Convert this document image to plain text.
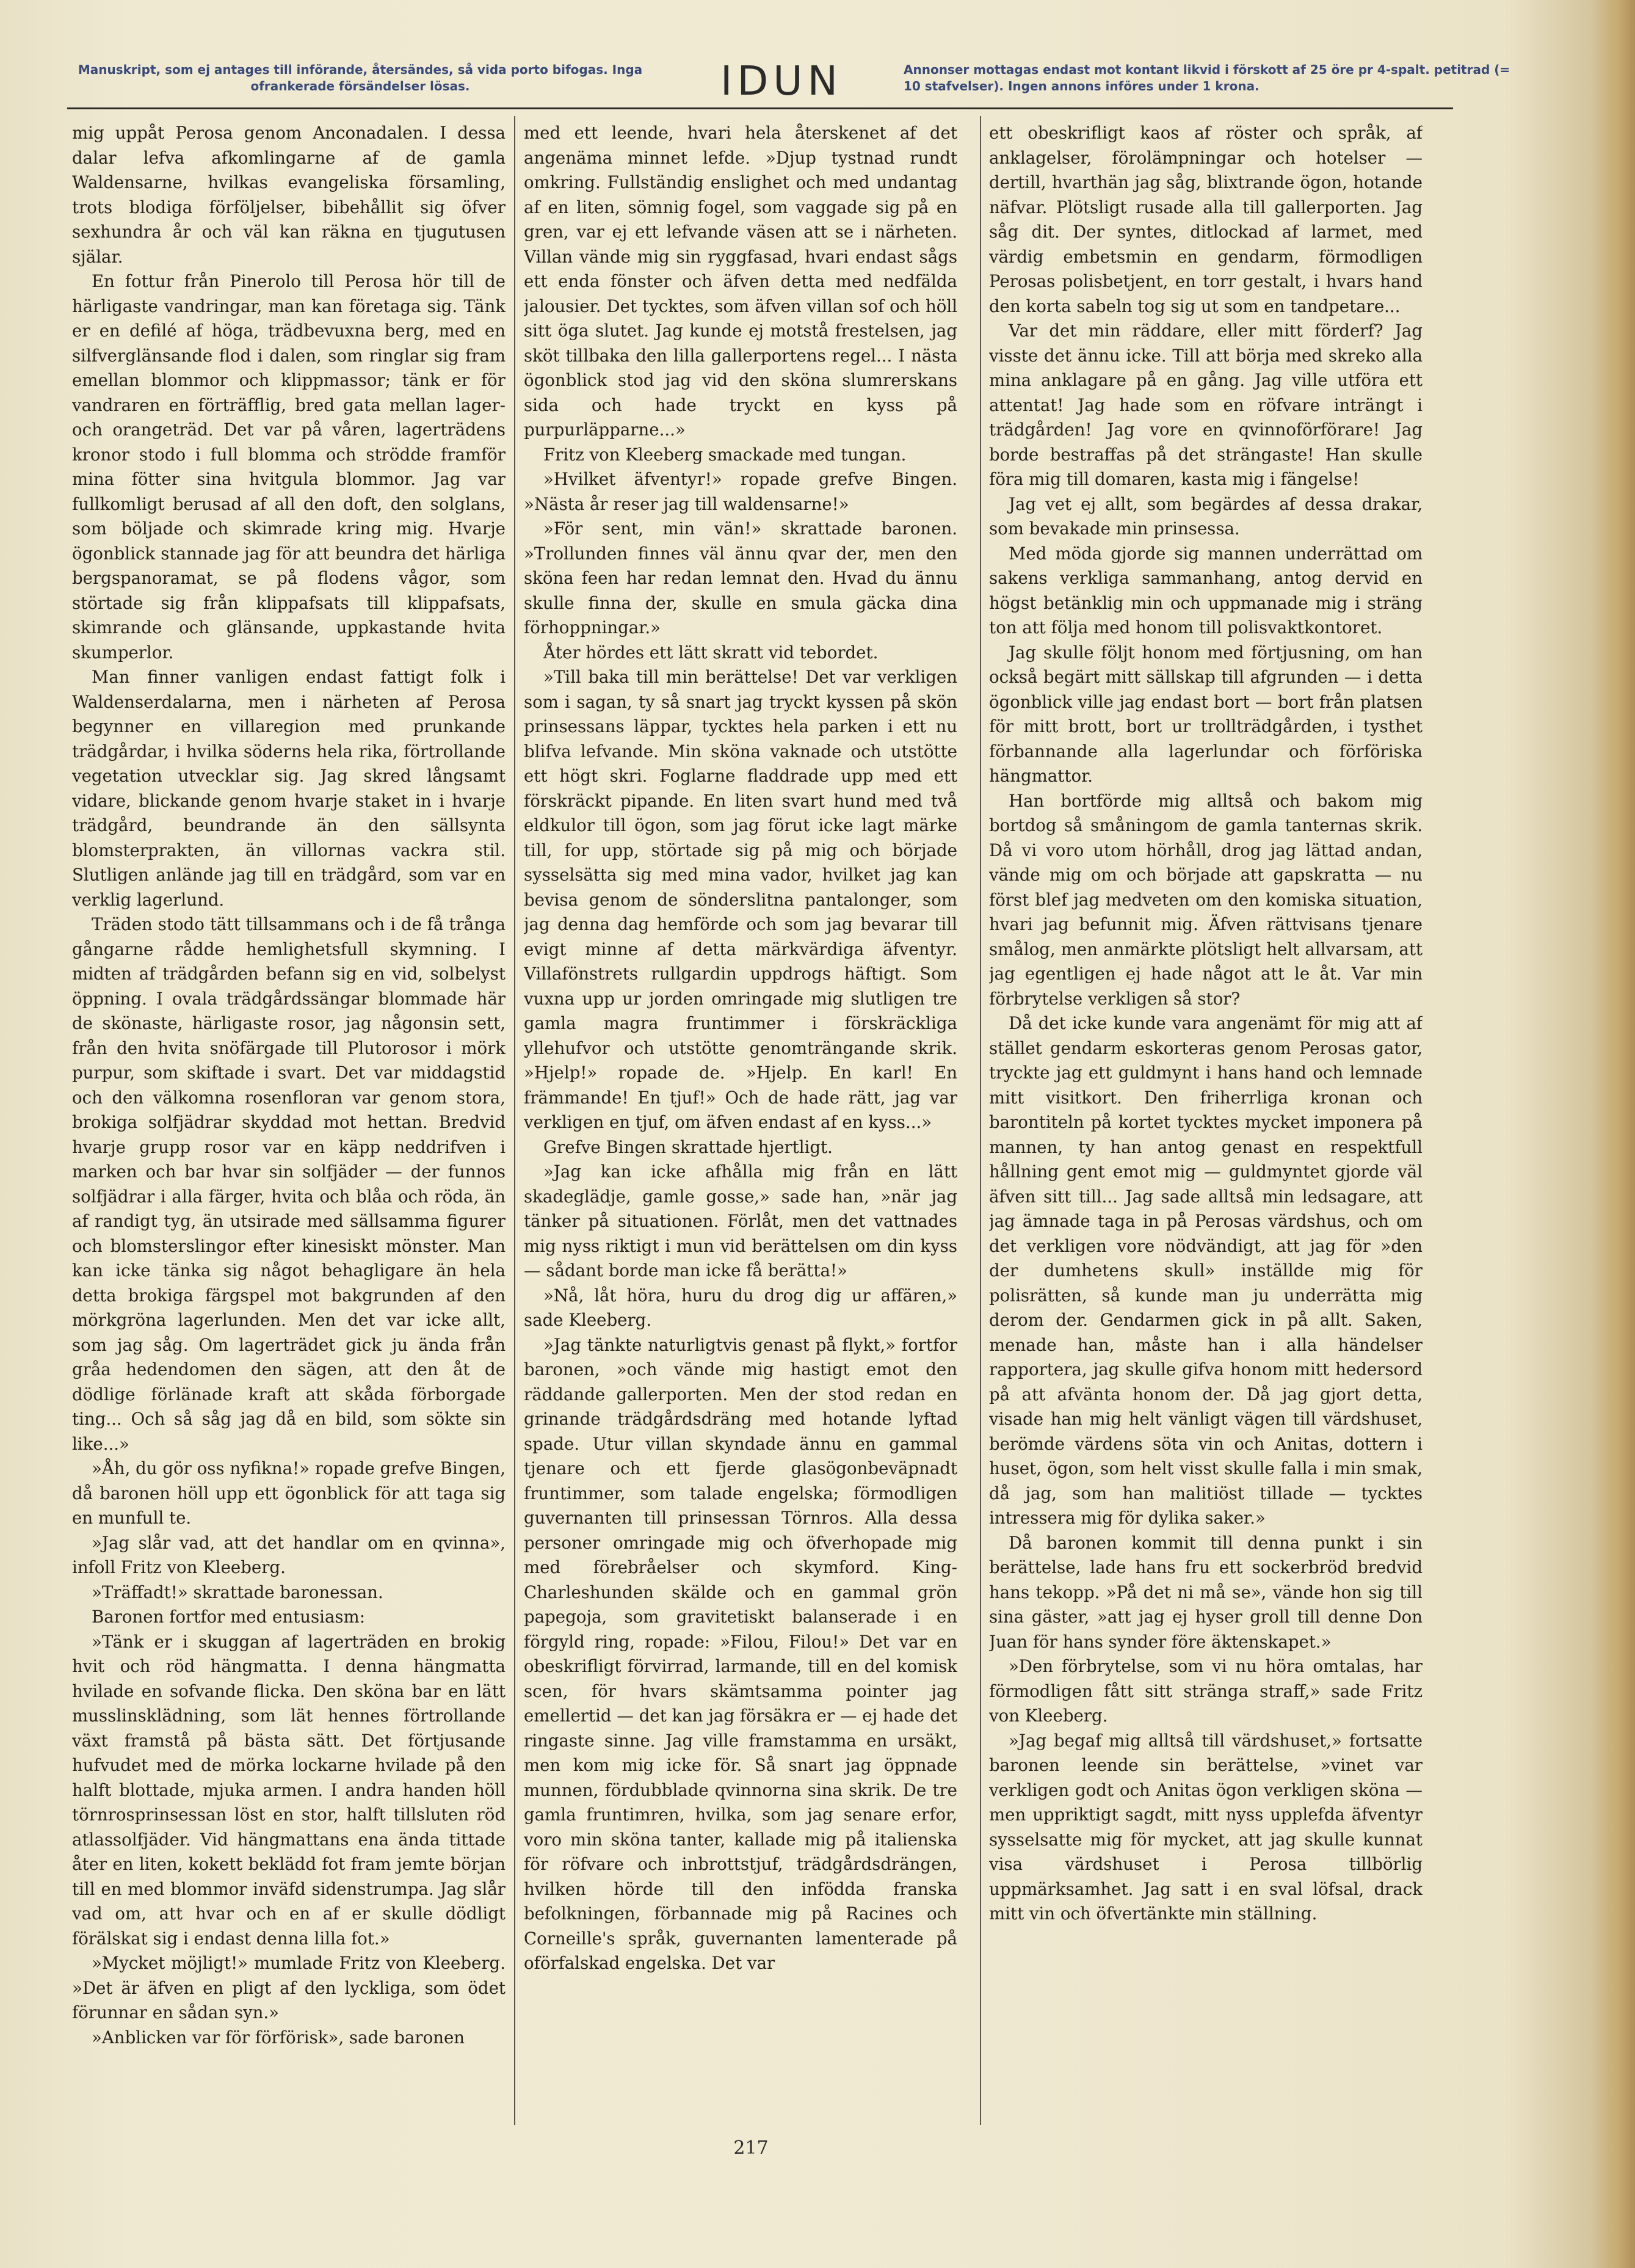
Manuskript, som ej antages till införande, återsändes, så vida porto bifogas. Inga ofrankerade försändelser lösas.	IDUN	Annonser mottagas endast mot kontant likvid i förskott af 25 öre pr 4-spalt. petitrad (= 10 stafvelser). Ingen annons införes under 1 krona.

mig uppåt Perosa genom Anconadalen. I dessa dalar lefva afkomlingarne af de gamla Waldensarne, hvilkas evangeliska församling, trots blodiga förföljelser, bibehållit sig öfver sexhundra år och väl kan räkna en tjugutusen själar.

En fottur från Pinerolo till Perosa hör till de härligaste vandringar, man kan företaga sig. Tänk er en defilé af höga, trädbevuxna berg, med en silfverglänsande flod i dalen, som ringlar sig fram emellan blommor och klippmassor; tänk er för vandraren en förträfflig, bred gata mellan lager- och orangeträd. Det var på våren, lagerträdens kronor stodo i full blomma och strödde framför mina fötter sina hvitgula blommor. Jag var fullkomligt berusad af all den doft, den solglans, som böljade och skimrade kring mig. Hvarje ögonblick stannade jag för att beundra det härliga bergspanoramat, se på flodens vågor, som störtade sig från klippafsats till klippafsats, skimrande och glänsande, uppkastande hvita skumperlor.

Man finner vanligen endast fattigt folk i Waldenserdalarna, men i närheten af Perosa begynner en villaregion med prunkande trädgårdar, i hvilka söderns hela rika, förtrollande vegetation utvecklar sig. Jag skred långsamt vidare, blickande genom hvarje staket in i hvarje trädgård, beundrande än den sällsynta blomsterprakten, än villornas vackra stil. Slutligen anlände jag till en trädgård, som var en verklig lagerlund.

Träden stodo tätt tillsammans och i de få trånga gångarne rådde hemlighetsfull skymning. I midten af trädgården befann sig en vid, solbelyst öppning. I ovala trädgårdssängar blommade här de skönaste, härligaste rosor, jag någonsin sett, från den hvita snöfärgade till Plutorosor i mörk purpur, som skiftade i svart. Det var middagstid och den välkomna rosenfloran var genom stora, brokiga solfjädrar skyddad mot hettan. Bredvid hvarje grupp rosor var en käpp neddrifven i marken och bar hvar sin solfjäder — der funnos solfjädrar i alla färger, hvita och blåa och röda, än af randigt tyg, än utsirade med sällsamma figurer och blomsterslingor efter kinesiskt mönster. Man kan icke tänka sig något behagligare än hela detta brokiga färgspel mot bakgrunden af den mörkgröna lagerlunden. Men det var icke allt, som jag såg. Om lagerträdet gick ju ända från gråa hedendomen den sägen, att den åt de dödlige förlänade kraft att skåda förborgade ting... Och så såg jag då en bild, som sökte sin like...»

»Åh, du gör oss nyfikna!» ropade grefve Bingen, då baronen höll upp ett ögonblick för att taga sig en munfull te.

»Jag slår vad, att det handlar om en qvinna», infoll Fritz von Kleeberg.

»Träffadt!» skrattade baronessan.

Baronen fortfor med entusiasm:

»Tänk er i skuggan af lagerträden en brokig hvit och röd hängmatta. I denna hängmatta hvilade en sofvande flicka. Den sköna bar en lätt musslinsklädning, som lät hennes förtrollande växt framstå på bästa sätt. Det förtjusande hufvudet med de mörka lockarne hvilade på den halft blottade, mjuka armen. I andra handen höll törnrosprinsessan löst en stor, halft tillsluten röd atlassolfjäder. Vid hängmattans ena ända tittade åter en liten, kokett beklädd fot fram jemte början till en med blommor inväfd sidenstrumpa. Jag slår vad om, att hvar och en af er skulle dödligt förälskat sig i endast denna lilla fot.»

»Mycket möjligt!» mumlade Fritz von Kleeberg. »Det är äfven en pligt af den lyckliga, som ödet förunnar en sådan syn.»

»Anblicken var för förförisk», sade baronen

med ett leende, hvari hela återskenet af det angenäma minnet lefde. »Djup tystnad rundt omkring. Fullständig enslighet och med undantag af en liten, sömnig fogel, som vaggade sig på en gren, var ej ett lefvande väsen att se i närheten. Villan vände mig sin ryggfasad, hvari endast sågs ett enda fönster och äfven detta med nedfälda jalousier. Det tycktes, som äfven villan sof och höll sitt öga slutet. Jag kunde ej motstå frestelsen, jag sköt tillbaka den lilla gallerportens regel... I nästa ögonblick stod jag vid den sköna slumrerskans sida och hade tryckt en kyss på purpurläpparne...»

Fritz von Kleeberg smackade med tungan.

»Hvilket äfventyr!» ropade grefve Bingen. »Nästa år reser jag till waldensarne!»

»För sent, min vän!» skrattade baronen. »Trollunden finnes väl ännu qvar der, men den sköna feen har redan lemnat den. Hvad du ännu skulle finna der, skulle en smula gäcka dina förhoppningar.»

Åter hördes ett lätt skratt vid tebordet.

»Till baka till min berättelse! Det var verkligen som i sagan, ty så snart jag tryckt kyssen på skön prinsessans läppar, tycktes hela parken i ett nu blifva lefvande. Min sköna vaknade och utstötte ett högt skri. Foglarne fladdrade upp med ett förskräckt pipande. En liten svart hund med två eldkulor till ögon, som jag förut icke lagt märke till, for upp, störtade sig på mig och började sysselsätta sig med mina vador, hvilket jag kan bevisa genom de sönderslitna pantalonger, som jag denna dag hemförde och som jag bevarar till evigt minne af detta märkvärdiga äfventyr. Villafönstrets rullgardin uppdrogs häftigt. Som vuxna upp ur jorden omringade mig slutligen tre gamla magra fruntimmer i förskräckliga yllehufvor och utstötte genomträngande skrik. »Hjelp!» ropade de. »Hjelp. En karl! En främmande! En tjuf!» Och de hade rätt, jag var verkligen en tjuf, om äfven endast af en kyss...»

Grefve Bingen skrattade hjertligt.

»Jag kan icke afhålla mig från en lätt skadeglädje, gamle gosse,» sade han, »när jag tänker på situationen. Förlåt, men det vattnades mig nyss riktigt i mun vid berättelsen om din kyss — sådant borde man icke få berätta!»

»Nå, låt höra, huru du drog dig ur affären,» sade Kleeberg.

»Jag tänkte naturligtvis genast på flykt,» fortfor baronen, »och vände mig hastigt emot den räddande gallerporten. Men der stod redan en grinande trädgårdsdräng med hotande lyftad spade. Utur villan skyndade ännu en gammal tjenare och ett fjerde glasögonbeväpnadt fruntimmer, som talade engelska; förmodligen guvernanten till prinsessan Törnros. Alla dessa personer omringade mig och öfverhopade mig med förebråelser och skymford. King-Charleshunden skälde och en gammal grön papegoja, som gravitetiskt balanserade i en förgyld ring, ropade: »Filou, Filou!» Det var en obeskrifligt förvirrad, larmande, till en del komisk scen, för hvars skämtsamma pointer jag emellertid — det kan jag försäkra er — ej hade det ringaste sinne. Jag ville framstamma en ursäkt, men kom mig icke för. Så snart jag öppnade munnen, fördubblade qvinnorna sina skrik. De tre gamla fruntimren, hvilka, som jag senare erfor, voro min sköna tanter, kallade mig på italienska för röfvare och inbrottstjuf, trädgårdsdrängen, hvilken hörde till den infödda franska befolkningen, förbannade mig på Racines och Corneille's språk, guvernanten lamenterade på oförfalskad engelska. Det var

ett obeskrifligt kaos af röster och språk, af anklagelser, förolämpningar och hotelser — dertill, hvarthän jag såg, blixtrande ögon, hotande näfvar. Plötsligt rusade alla till gallerporten. Jag såg dit. Der syntes, ditlockad af larmet, med värdig embetsmin en gendarm, förmodligen Perosas polisbetjent, en torr gestalt, i hvars hand den korta sabeln tog sig ut som en tandpetare...

Var det min räddare, eller mitt förderf? Jag visste det ännu icke. Till att börja med skreko alla mina anklagare på en gång. Jag ville utföra ett attentat! Jag hade som en röfvare inträngt i trädgården! Jag vore en qvinnoförförare! Jag borde bestraffas på det strängaste! Han skulle föra mig till domaren, kasta mig i fängelse!

Jag vet ej allt, som begärdes af dessa drakar, som bevakade min prinsessa.

Med möda gjorde sig mannen underrättad om sakens verkliga sammanhang, antog dervid en högst betänklig min och uppmanade mig i sträng ton att följa med honom till polisvaktkontoret.

Jag skulle följt honom med förtjusning, om han också begärt mitt sällskap till afgrunden — i detta ögonblick ville jag endast bort — bort från platsen för mitt brott, bort ur trollträdgården, i tysthet förbannande alla lagerlundar och förföriska hängmattor.

Han bortförde mig alltså och bakom mig bortdog så småningom de gamla tanternas skrik. Då vi voro utom hörhåll, drog jag lättad andan, vände mig om och började att gapskratta — nu först blef jag medveten om den komiska situation, hvari jag befunnit mig. Äfven rättvisans tjenare smålog, men anmärkte plötsligt helt allvarsam, att jag egentligen ej hade något att le åt. Var min förbrytelse verkligen så stor?

Då det icke kunde vara angenämt för mig att af stället gendarm eskorteras genom Perosas gator, tryckte jag ett guldmynt i hans hand och lemnade mitt visitkort. Den friherrliga kronan och barontiteln på kortet tycktes mycket imponera på mannen, ty han antog genast en respektfull hållning gent emot mig — guldmyntet gjorde väl äfven sitt till... Jag sade alltså min ledsagare, att jag ämnade taga in på Perosas värdshus, och om det verkligen vore nödvändigt, att jag för »den der dumhetens skull» inställde mig för polisrätten, så kunde man ju underrätta mig derom der. Gendarmen gick in på allt. Saken, menade han, måste han i alla händelser rapportera, jag skulle gifva honom mitt hedersord på att afvänta honom der. Då jag gjort detta, visade han mig helt vänligt vägen till värdshuset, berömde värdens söta vin och Anitas, dottern i huset, ögon, som helt visst skulle falla i min smak, då jag, som han malitiöst tillade — tycktes intressera mig för dylika saker.»

Då baronen kommit till denna punkt i sin berättelse, lade hans fru ett sockerbröd bredvid hans tekopp. »På det ni må se», vände hon sig till sina gäster, »att jag ej hyser groll till denne Don Juan för hans synder före äktenskapet.»

»Den förbrytelse, som vi nu höra omtalas, har förmodligen fått sitt stränga straff,» sade Fritz von Kleeberg.

»Jag begaf mig alltså till värdshuset,» fortsatte baronen leende sin berättelse, »vinet var verkligen godt och Anitas ögon verkligen sköna — men uppriktigt sagdt, mitt nyss upplefda äfventyr sysselsatte mig för mycket, att jag skulle kunnat visa värdshuset i Perosa tillbörlig uppmärksamhet. Jag satt i en sval löfsal, drack mitt vin och öfvertänkte min ställning.

217
